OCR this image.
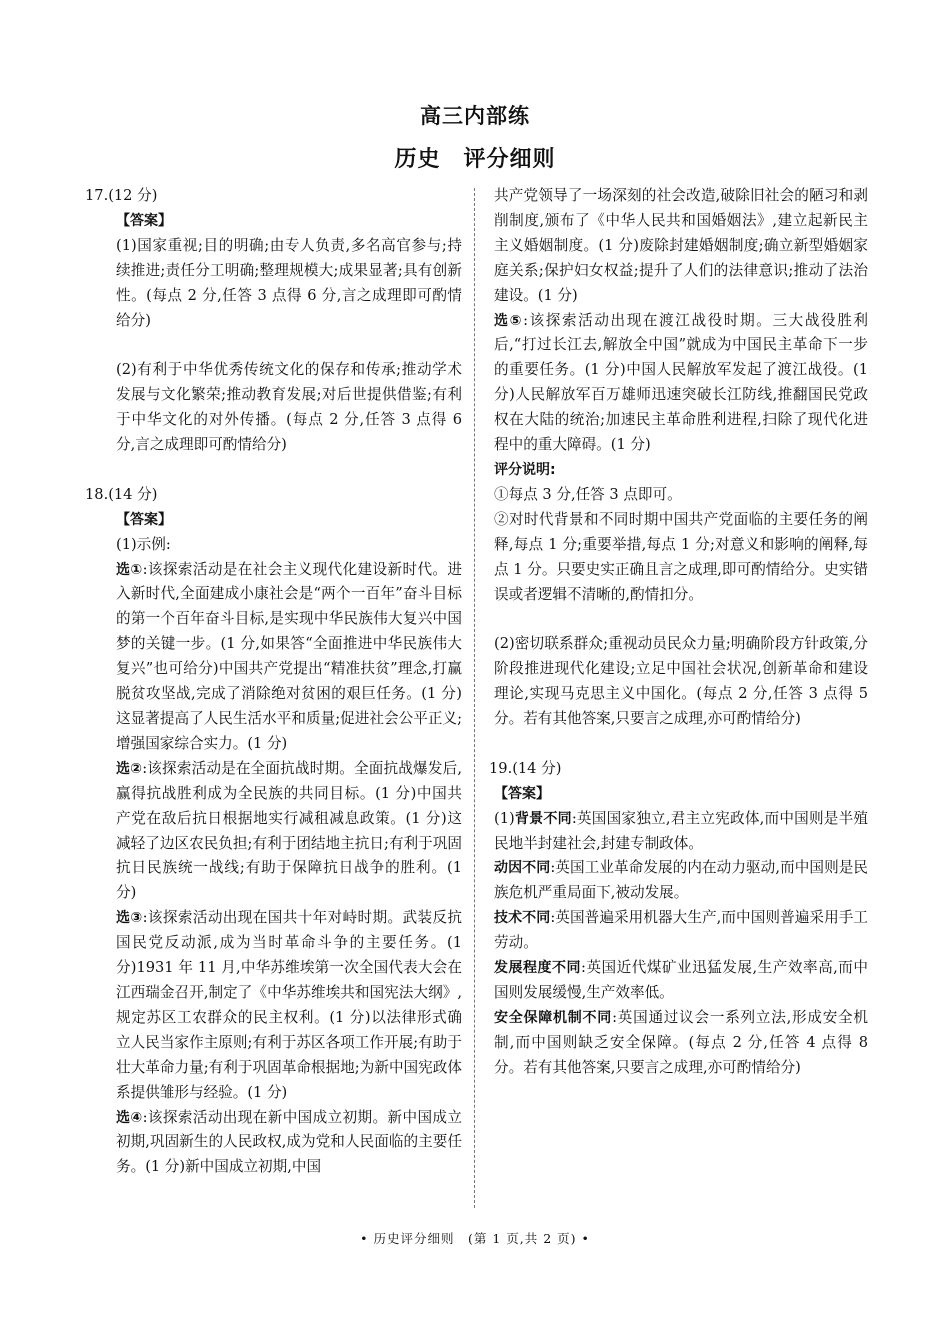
高三内部练
历史　评分细则

17.(12 分)

【答案】

(1)国家重视;目的明确;由专人负责,多名高官参与;持续推进;责任分工明确;整理规模大;成果显著;具有创新性。(每点 2 分,任答 3 点得 6 分,言之成理即可酌情给分)

(2)有利于中华优秀传统文化的保存和传承;推动学术发展与文化繁荣;推动教育发展;对后世提供借鉴;有利于中华文化的对外传播。(每点 2 分,任答 3 点得 6 分,言之成理即可酌情给分)

18.(14 分)

【答案】

(1)示例:

选①:该探索活动是在社会主义现代化建设新时代。进入新时代,全面建成小康社会是“两个一百年”奋斗目标的第一个百年奋斗目标,是实现中华民族伟大复兴中国梦的关键一步。(1 分,如果答“全面推进中华民族伟大复兴”也可给分)中国共产党提出“精准扶贫”理念,打赢脱贫攻坚战,完成了消除绝对贫困的艰巨任务。(1 分)这显著提高了人民生活水平和质量;促进社会公平正义;增强国家综合实力。(1 分)

选②:该探索活动是在全面抗战时期。全面抗战爆发后,赢得抗战胜利成为全民族的共同目标。(1 分)中国共产党在敌后抗日根据地实行减租减息政策。(1 分)这减轻了边区农民负担;有利于团结地主抗日;有利于巩固抗日民族统一战线;有助于保障抗日战争的胜利。(1 分)

选③:该探索活动出现在国共十年对峙时期。武装反抗国民党反动派,成为当时革命斗争的主要任务。(1 分)1931 年 11 月,中华苏维埃第一次全国代表大会在江西瑞金召开,制定了《中华苏维埃共和国宪法大纲》,规定苏区工农群众的民主权利。(1 分)以法律形式确立人民当家作主原则;有利于苏区各项工作开展;有助于壮大革命力量;有利于巩固革命根据地;为新中国宪政体系提供雏形与经验。(1 分)

选④:该探索活动出现在新中国成立初期。新中国成立初期,巩固新生的人民政权,成为党和人民面临的主要任务。(1 分)新中国成立初期,中国

共产党领导了一场深刻的社会改造,破除旧社会的陋习和剥削制度,颁布了《中华人民共和国婚姻法》,建立起新民主主义婚姻制度。(1 分)废除封建婚姻制度;确立新型婚姻家庭关系;保护妇女权益;提升了人们的法律意识;推动了法治建设。(1 分)

选⑤:该探索活动出现在渡江战役时期。三大战役胜利后,“打过长江去,解放全中国”就成为中国民主革命下一步的重要任务。(1 分)中国人民解放军发起了渡江战役。(1 分)人民解放军百万雄师迅速突破长江防线,推翻国民党政权在大陆的统治;加速民主革命胜利进程,扫除了现代化进程中的重大障碍。(1 分)

评分说明:

①每点 3 分,任答 3 点即可。

②对时代背景和不同时期中国共产党面临的主要任务的阐释,每点 1 分;重要举措,每点 1 分;对意义和影响的阐释,每点 1 分。只要史实正确且言之成理,即可酌情给分。史实错误或者逻辑不清晰的,酌情扣分。

(2)密切联系群众;重视动员民众力量;明确阶段方针政策,分阶段推进现代化建设;立足中国社会状况,创新革命和建设理论,实现马克思主义中国化。(每点 2 分,任答 3 点得 5 分。若有其他答案,只要言之成理,亦可酌情给分)

19.(14 分)

【答案】

(1)背景不同:英国国家独立,君主立宪政体,而中国则是半殖民地半封建社会,封建专制政体。

动因不同:英国工业革命发展的内在动力驱动,而中国则是民族危机严重局面下,被动发展。

技术不同:英国普遍采用机器大生产,而中国则普遍采用手工劳动。

发展程度不同:英国近代煤矿业迅猛发展,生产效率高,而中国则发展缓慢,生产效率低。

安全保障机制不同:英国通过议会一系列立法,形成安全机制,而中国则缺乏安全保障。(每点 2 分,任答 4 点得 8 分。若有其他答案,只要言之成理,亦可酌情给分)

• 历史评分细则　(第 1 页,共 2 页) •
